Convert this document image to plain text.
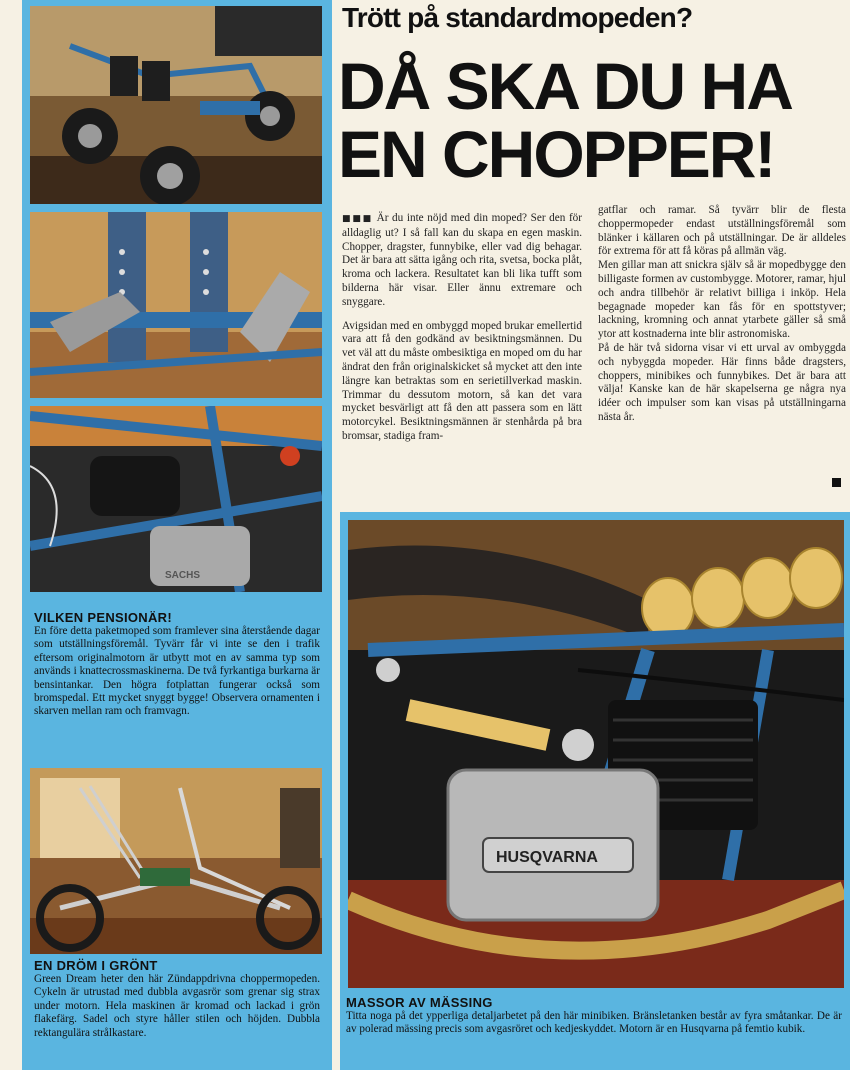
SACHS
VILKEN PENSIONÄR!

En före detta paketmoped som framlever sina återstående dagar som utställningsföremål. Tyvärr får vi inte se den i trafik eftersom originalmotorn är utbytt mot en av samma typ som används i knattecrossmaskinerna. De två fyrkantiga burkarna är bensintankar. Den högra fotplattan fungerar också som bromspedal. Ett mycket snyggt bygge! Observera ornamenten i skarven mellan ram och framvagn.

EN DRÖM I GRÖNT

Green Dream heter den här Zündappdrivna choppermopeden. Cykeln är utrustad med dubbla avgasrör som grenar sig strax under motorn. Hela maskinen är kromad och lackad i grön flakefärg. Sadel och styre håller stilen och höjden. Dubbla rektangulära strålkastare.

Trött på standardmopeden?
DÅ SKA DU HA
EN CHOPPER!

■■■ Är du inte nöjd med din moped? Ser den för alldaglig ut? I så fall kan du skapa en egen maskin. Chopper, dragster, funnybike, eller vad dig behagar. Det är bara att sätta igång och rita, svetsa, bocka plåt, kroma och lackera. Resultatet kan bli lika tufft som bilderna här visar. Eller ännu extremare och snyggare.

Avigsidan med en ombyggd moped brukar emellertid vara att få den godkänd av besiktningsmännen. Du vet väl att du måste ombesiktiga en moped om du har ändrat den från originalskicket så mycket att den inte längre kan betraktas som en serietillverkad maskin. Trimmar du dessutom motorn, så kan det vara mycket besvärligt att få den att passera som en lätt motorcykel. Besiktningsmännen är stenhårda på bra bromsar, stadiga fram-

gatflar och ramar. Så tyvärr blir de flesta choppermopeder endast utställningsföremål som blänker i källaren och på utställningar. De är alldeles för extrema för att få köras på allmän väg.

Men gillar man att snickra själv så är mopedbygge den billigaste formen av custombygge. Motorer, ramar, hjul och andra tillbehör är relativt billiga i inköp. Hela begagnade mopeder kan fås för en spottstyver; lackning, kromning och annat ytarbete gäller så små ytor att kostnaderna inte blir astronomiska.

På de här två sidorna visar vi ett urval av ombyggda och nybyggda mopeder. Här finns både dragsters, choppers, minibikes och funnybikes. Det är bara att välja! Kanske kan de här skapelserna ge några nya idéer och impulser som kan visas på utställningarna nästa år.

HUSQVARNA
MASSOR AV MÄSSING

Titta noga på det ypperliga detaljarbetet på den här minibiken. Bränsletanken består av fyra småtankar. De är av polerad mässing precis som avgasröret och kedjeskyddet. Motorn är en Husqvarna på femtio kubik.
